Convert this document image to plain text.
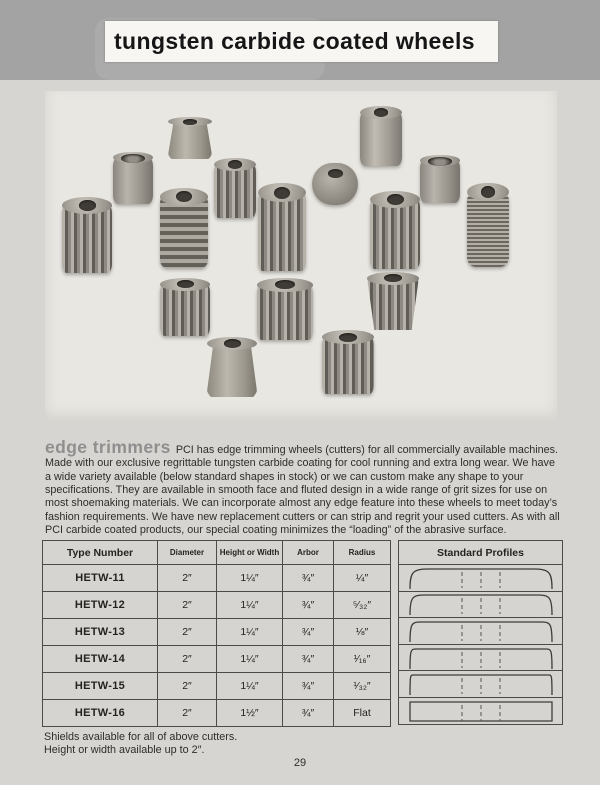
tungsten carbide coated wheels

edge trimmers PCI has edge trimming wheels (cutters) for all commercially available machines. Made with our exclusive regrittable tungsten carbide coating for cool running and extra long wear. We have a wide variety available (below standard shapes in stock) or we can custom make any shape to your specifications. They are available in smooth face and fluted design in a wide range of grit sizes for use on most shoemaking materials. We can incorporate almost any edge feature into these wheels to meet today’s fashion requirements. We have new replacement cutters or can strip and regrit your used cutters. As with all PCI carbide coated products, our special coating minimizes the “loading” of the abrasive surface.

Type Number	Diameter	Height or Width	Arbor	Radius
HETW-11	2″	1¼″	¾″	¼″
HETW-12	2″	1¼″	¾″	⁵⁄₃₂″
HETW-13	2″	1¼″	¾″	⅛″
HETW-14	2″	1¼″	¾″	¹⁄₁₆″
HETW-15	2″	1¼″	¾″	¹⁄₃₂″
HETW-16	2″	1½″	¾″	Flat
Standard Profiles
Shields available for all of above cutters.
Height or width available up to 2″.
29
